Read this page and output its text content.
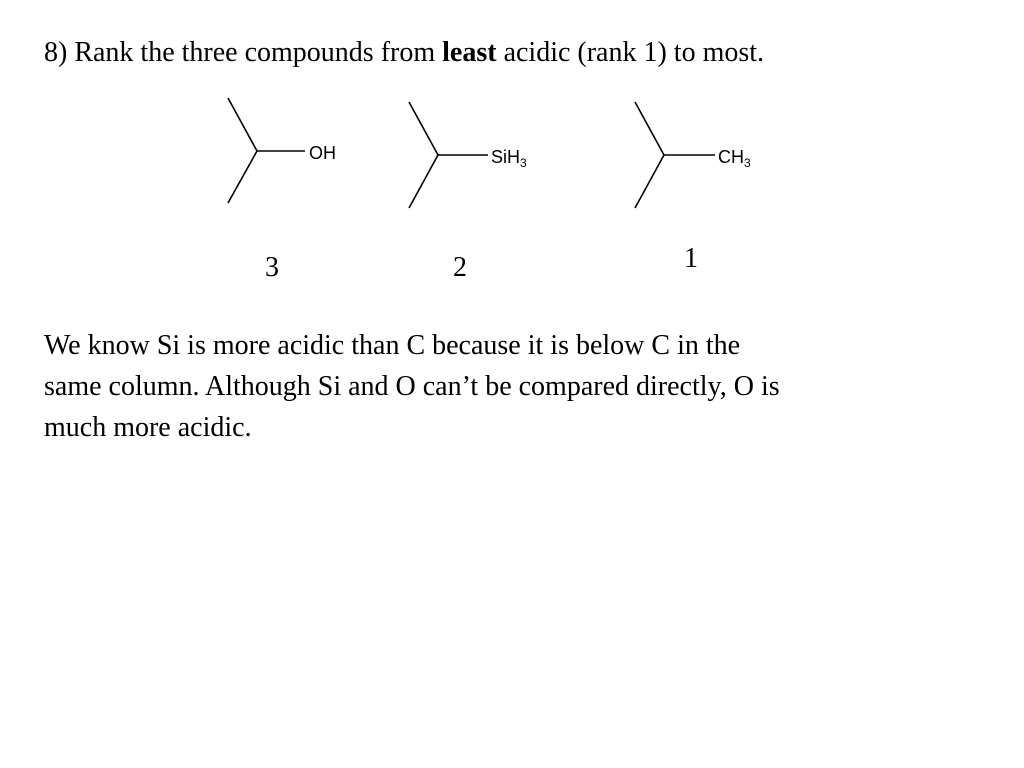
8) Rank the three compounds from least acidic (rank 1) to most.
OH	SiH$_3$	$CH_3$
3	2	1
We know Si is more acidic than C because it is below C in the
same column. Although Si and O can’t be compared directly, O is
much more acidic.
